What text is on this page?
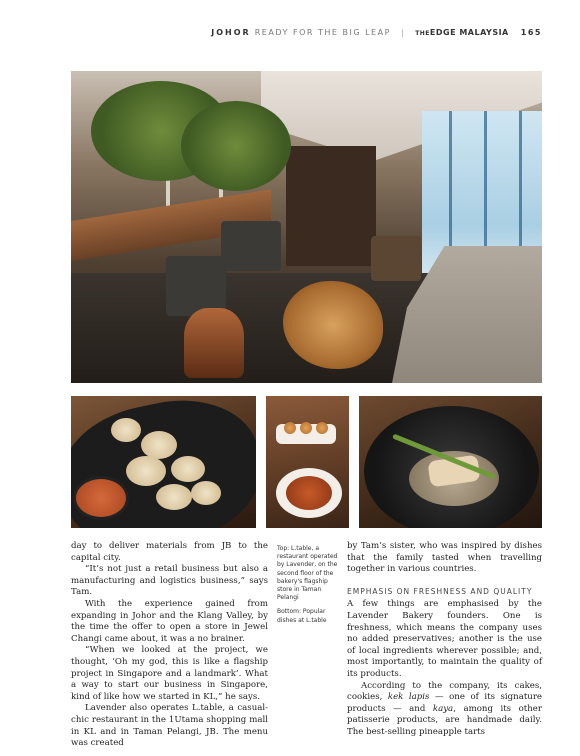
JOHOR READY FOR THE BIG LEAP | THEEDGE MALAYSIA 165

day to deliver materials from JB to the capital city.

“It’s not just a retail business but also a manufacturing and logistics business,” says Tam.

With the experience gained from expanding in Johor and the Klang Valley, by the time the offer to open a store in Jewel Changi came about, it was a no brainer.

“When we looked at the project, we thought, ‘Oh my god, this is like a flagship project in Singapore and a landmark’. What a way to start our business in Singapore, kind of like how we started in KL,” he says.

Lavender also operates L.table, a casual-chic restaurant in the 1Utama shopping mall in KL and in Taman Pelangi, JB. The menu was created

Top: L.table, a restaurant operated by Lavender, on the second floor of the bakery's flagship store in Taman Pelangi

Bottom: Popular dishes at L.table

by Tam’s sister, who was inspired by dishes that the family tasted when travelling together in various countries.

EMPHASIS ON FRESHNESS AND QUALITY

A few things are emphasised by the Lavender Bakery founders. One is freshness, which means the company uses no added preservatives; another is the use of local ingredients wherever possible; and, most importantly, to maintain the quality of its products.

According to the company, its cakes, cookies, kek lapis — one of its signature products — and kaya, among its other patisserie products, are handmade daily. The best-selling pineapple tarts
